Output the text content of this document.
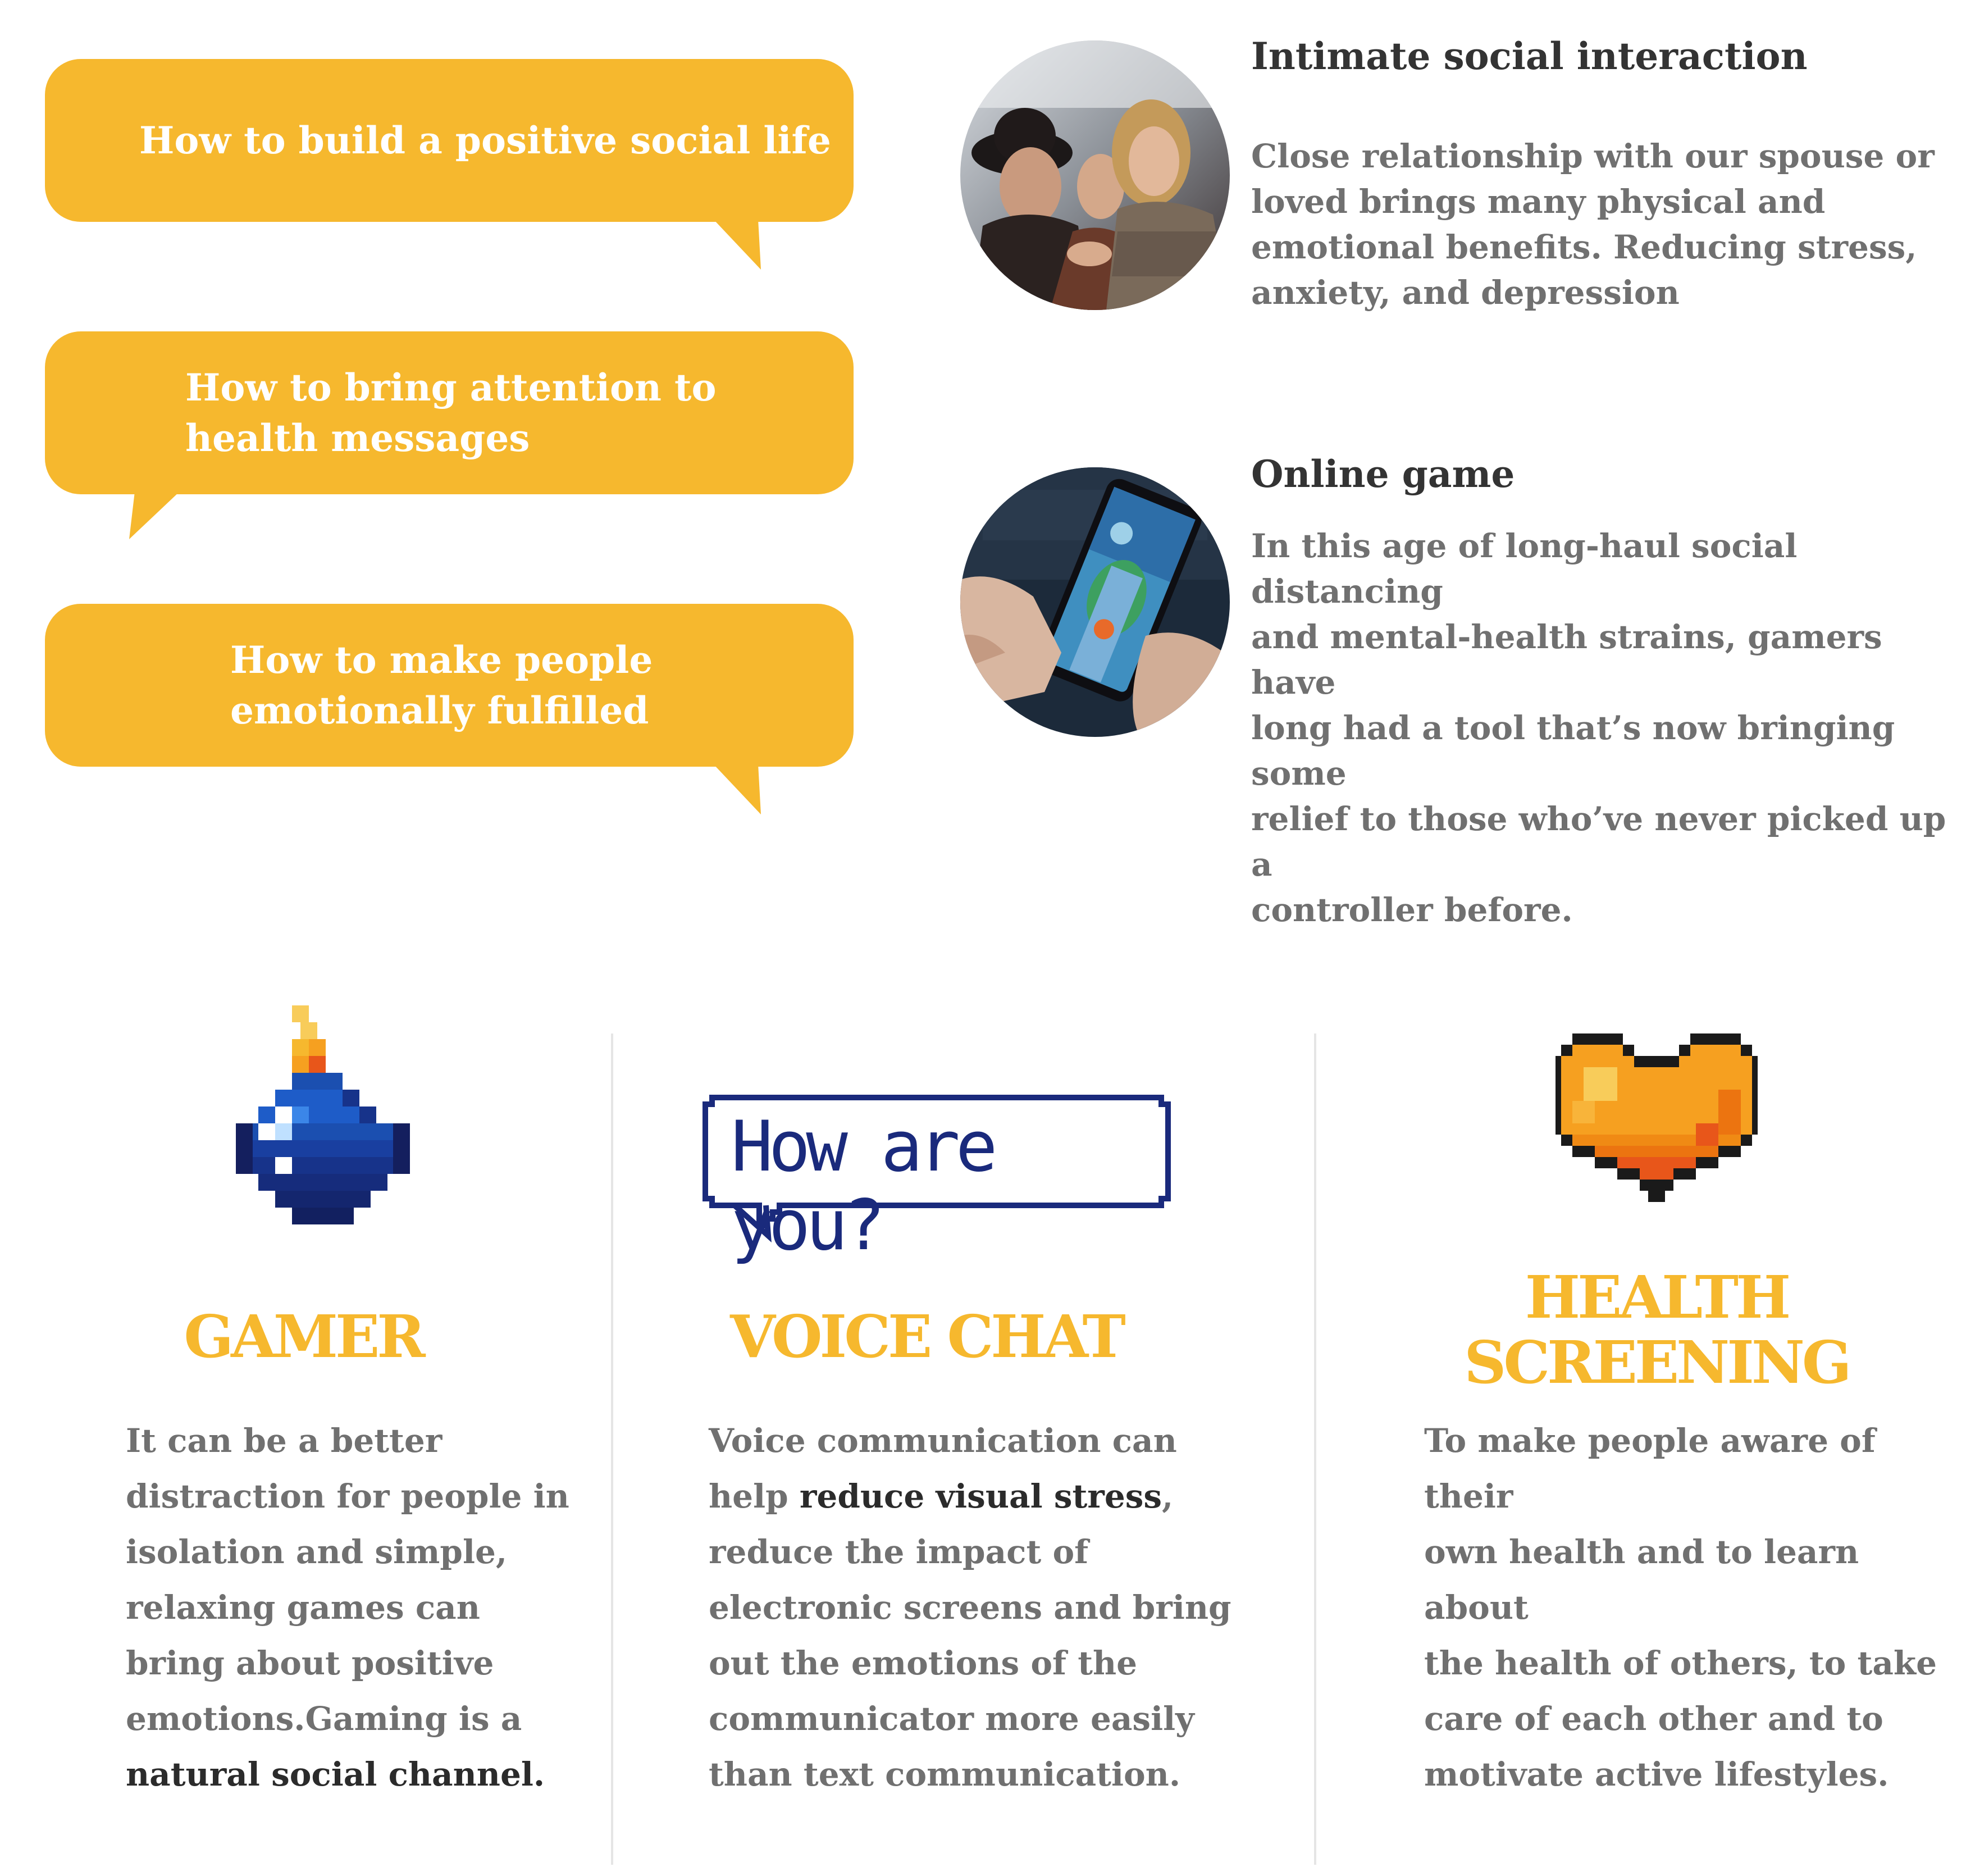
How to build a positive social life
How to bring attention to
health messages
How to make people
emotionally fulfilled
Intimate social interaction
Close relationship with our spouse or
loved brings many physical and
emotional benefits. Reducing stress,
anxiety, and depression
Online game
In this age of long-haul social distancing
and mental-health strains, gamers have
long had a tool that’s now bringing some
relief to those who’ve never picked up a
controller before.
GAMER
It can be a better
distraction for people in
isolation and simple,
relaxing games can
bring about positive
emotions.Gaming is a
natural social channel.
How are you?
VOICE CHAT
Voice communication can
help reduce visual stress,
reduce the impact of
electronic screens and bring
out the emotions of the
communicator more easily
than text communication.
HEALTH
SCREENING
To make people aware of their
own health and to learn about
the health of others, to take
care of each other and to
motivate active lifestyles.
